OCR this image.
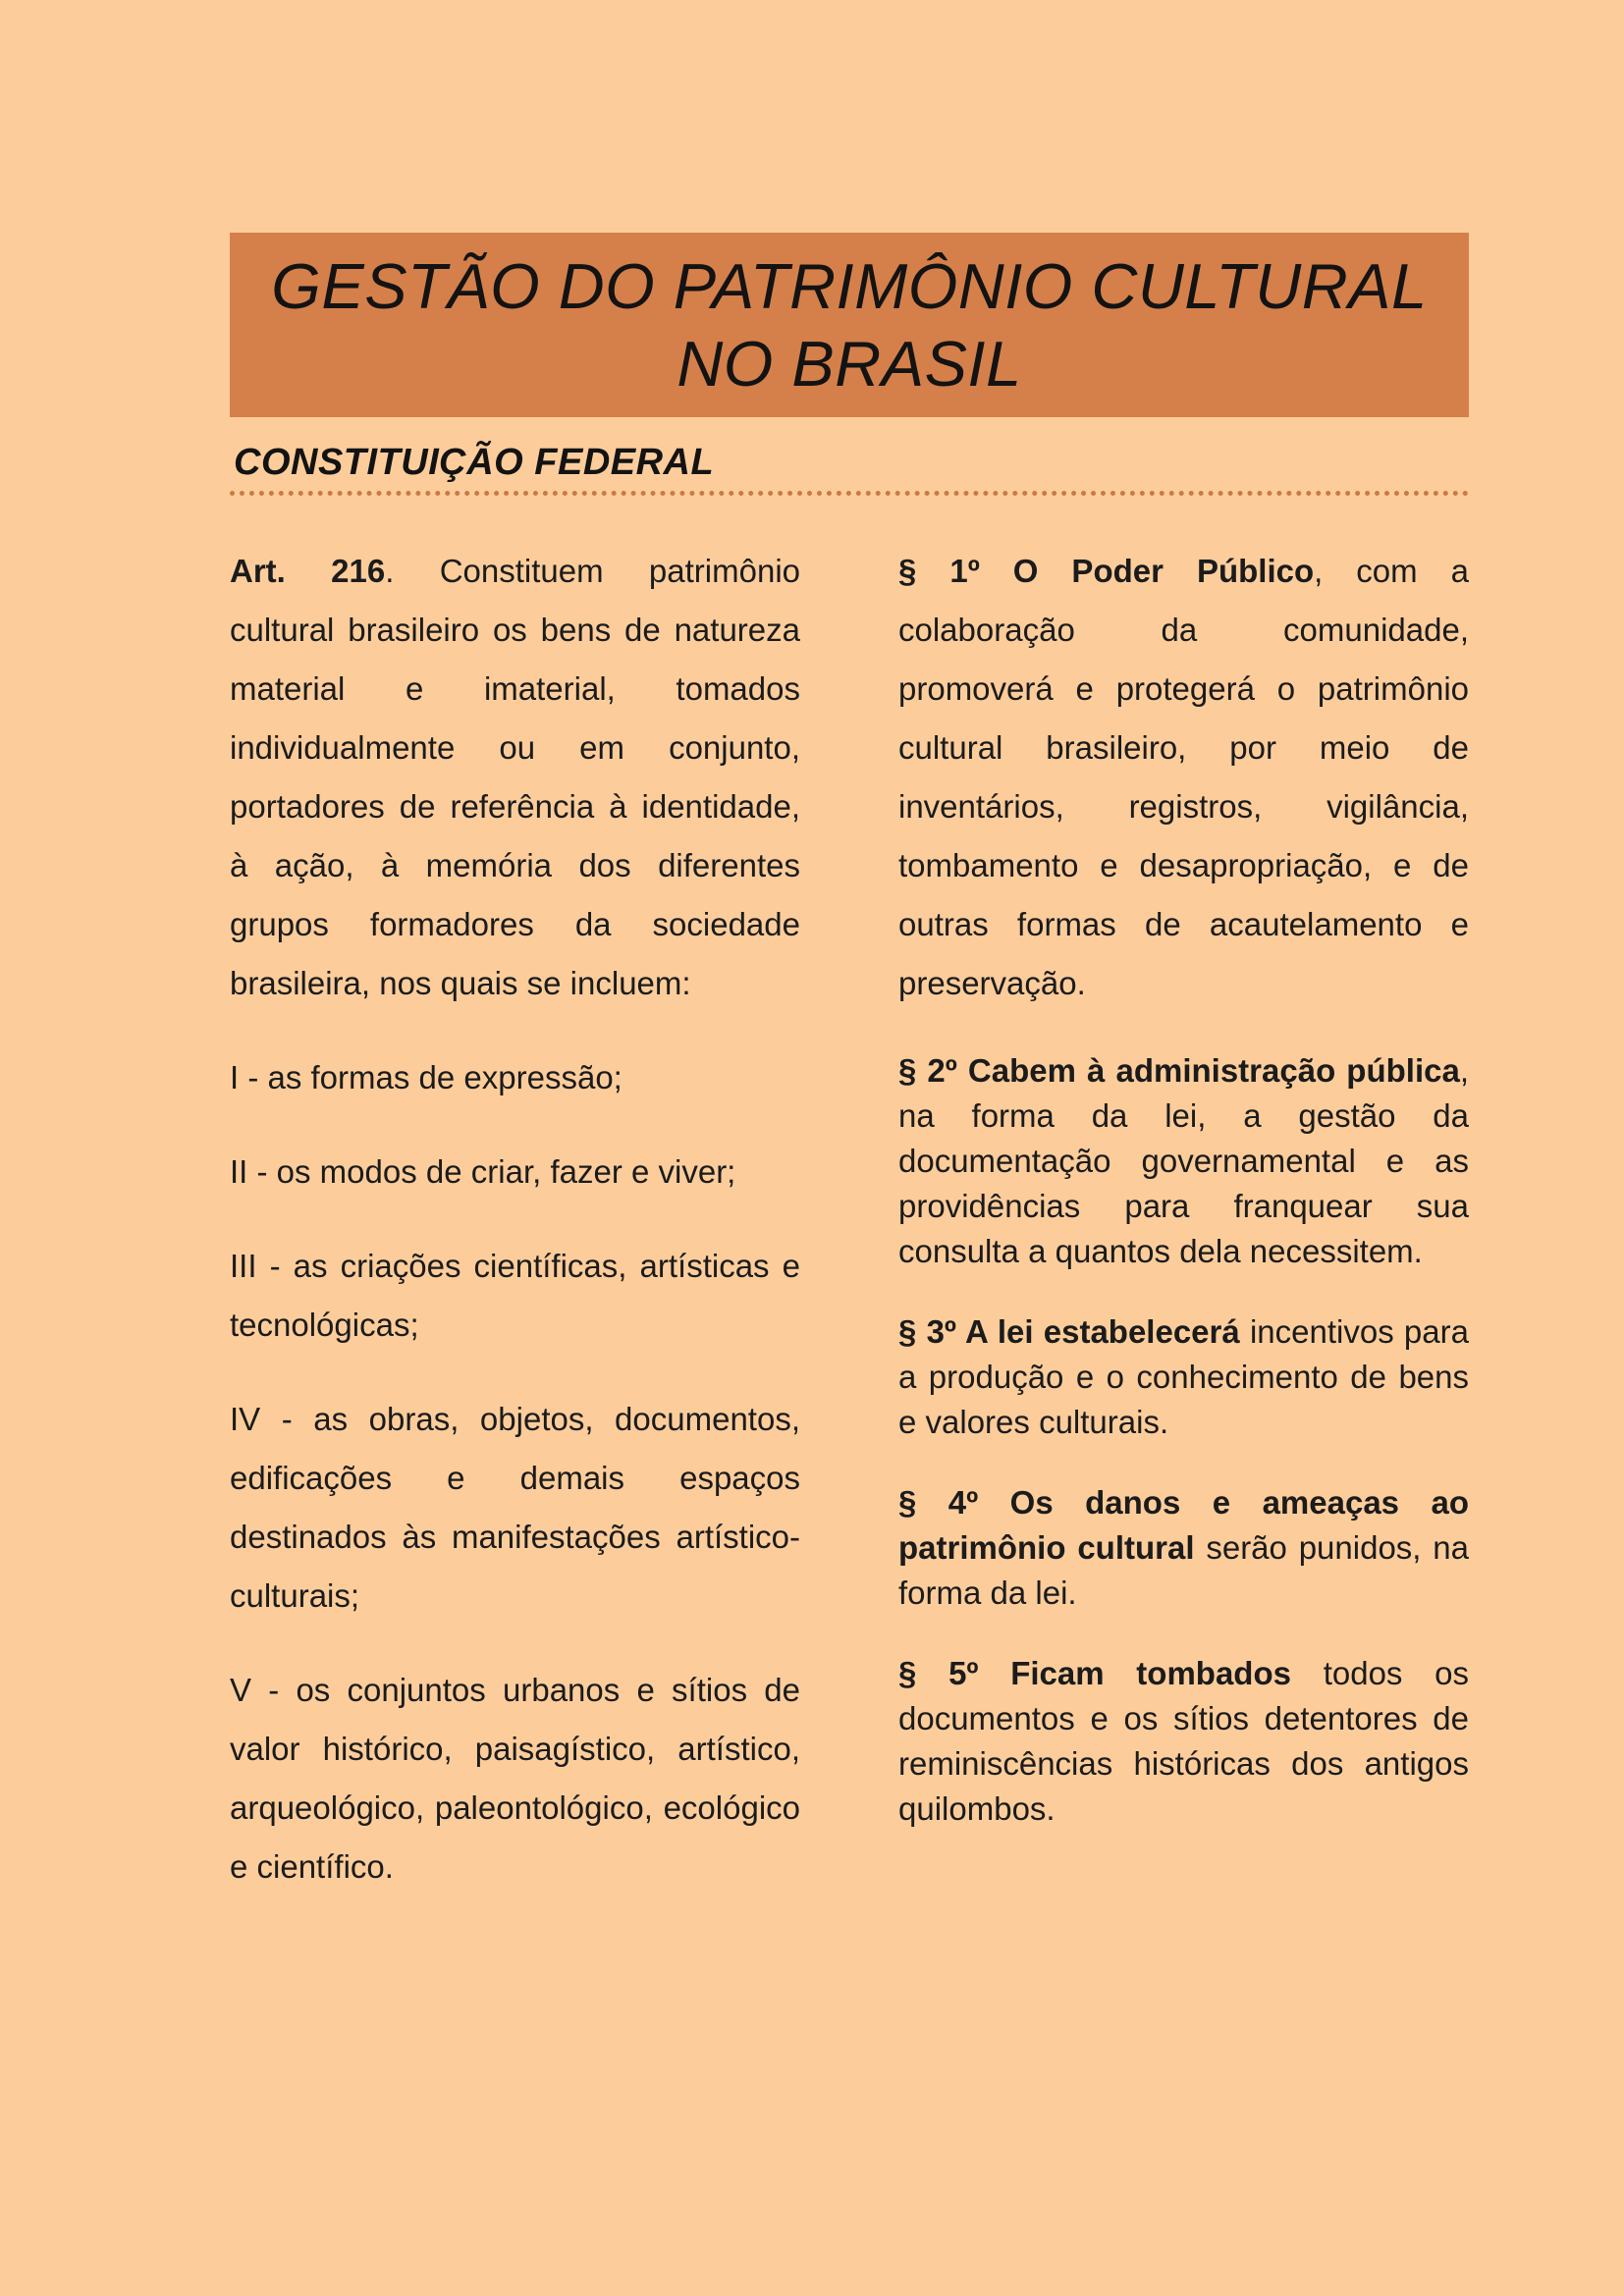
GESTÃO DO PATRIMÔNIO CULTURAL
NO BRASIL
CONSTITUIÇÃO FEDERAL

Art. 216. Constituem patrimônio cultural brasileiro os bens de natureza material e imaterial, tomados individualmente ou em conjunto, portadores de referência à identidade, à ação, à memória dos diferentes grupos formadores da sociedade brasileira, nos quais se incluem:

I - as formas de expressão;

II - os modos de criar, fazer e viver;

III - as criações científicas, artísticas e tecnológicas;

IV - as obras, objetos, documentos, edificações e demais espaços destinados às manifestações artístico-culturais;

V - os conjuntos urbanos e sítios de valor histórico, paisagístico, artístico, arqueológico, paleontológico, ecológico e científico.

§ 1º O Poder Público, com a colaboração da comunidade, promoverá e protegerá o patrimônio cultural brasileiro, por meio de inventários, registros, vigilância, tombamento e desapropriação, e de outras formas de acautelamento e preservação.

§ 2º Cabem à administração pública, na forma da lei, a gestão da documentação governamental e as providências para franquear sua consulta a quantos dela necessitem.

§ 3º A lei estabelecerá incentivos para a produção e o conhecimento de bens e valores culturais.

§ 4º Os danos e ameaças ao patrimônio cultural serão punidos, na forma da lei.

§ 5º Ficam tombados todos os documentos e os sítios detentores de reminiscências históricas dos antigos quilombos.
